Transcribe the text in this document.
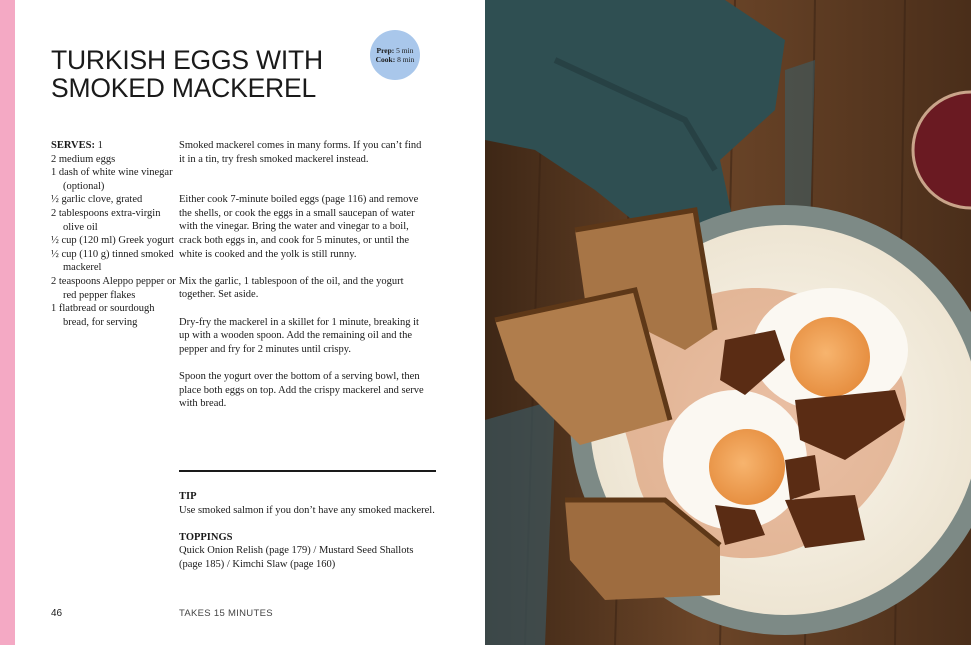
TURKISH EGGS WITH
SMOKED MACKEREL
Prep: 5 min
Cook: 8 min
SERVES: 1
2 medium eggs
1 dash of white wine vinegar (optional)
½ garlic clove, grated
2 tablespoons extra-virgin olive oil
½ cup (120 ml) Greek yogurt
½ cup (110 g) tinned smoked mackerel
2 teaspoons Aleppo pepper or red pepper flakes
1 flatbread or sourdough bread, for serving

Smoked mackerel comes in many forms. If you can’t find it in a tin, try fresh smoked mackerel instead.

Either cook 7-minute boiled eggs (page 116) and remove the shells, or cook the eggs in a small saucepan of water with the vinegar. Bring the water and vinegar to a boil, crack both eggs in, and cook for 5 minutes, or until the white is cooked and the yolk is still runny.

Mix the garlic, 1 tablespoon of the oil, and the yogurt together. Set aside.

Dry-fry the mackerel in a skillet for 1 minute, breaking it up with a wooden spoon. Add the remaining oil and the pepper and fry for 2 minutes until crispy.

Spoon the yogurt over the bottom of a serving bowl, then place both eggs on top. Add the crispy mackerel and serve with bread.

TIP

Use smoked salmon if you don’t have any smoked mackerel.

TOPPINGS

Quick Onion Relish (page 179) / Mustard Seed Shallots (page 185) / Kimchi Slaw (page 160)

46	TAKES 15 MINUTES
